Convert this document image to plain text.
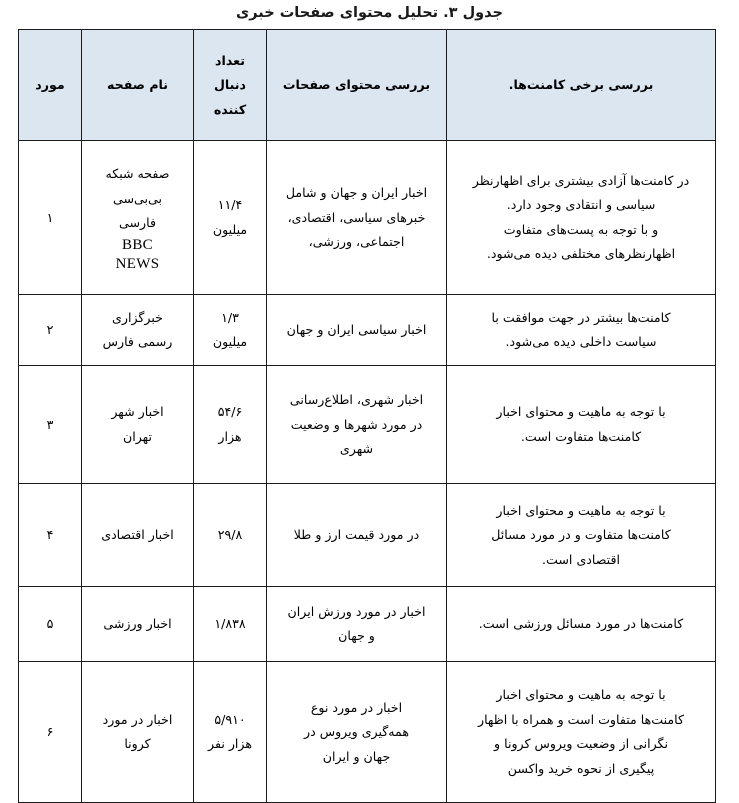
جدول ۳. تحلیل محتوای صفحات خبری
بررسی برخی کامنت‌ها.	بررسی محتوای صفحات	تعداد دنبال کننده	نام صفحه	مورد

در کامنت‌ها آزادی بیشتری برای اظهارنظر
سیاسی و انتقادی وجود دارد.
و با توجه به پست‌های متفاوت
اظهارنظرهای مختلفی دیده می‌شود.	اخبار ایران و جهان و شامل
خبرهای سیاسی، اقتصادی،
اجتماعی، ورزشی،	۱۱/۴
میلیون	صفحه شبکه
بی‌بی‌سی
فارسی
BBC
NEWS	۱

کامنت‌ها بیشتر در جهت موافقت با
سیاست داخلی دیده می‌شود.	اخبار سیاسی ایران و جهان	۱/۳
میلیون	خبرگزاری
رسمی فارس	۲

با توجه به ماهیت و محتوای اخبار
کامنت‌ها متفاوت است.	اخبار شهری، اطلاع‌رسانی
در مورد شهرها و وضعیت
شهری	۵۴/۶
هزار	اخبار شهر
تهران	۳

با توجه به ماهیت و محتوای اخبار
کامنت‌ها متفاوت و در مورد مسائل
اقتصادی است.	در مورد قیمت ارز و طلا	۲۹/۸	اخبار اقتصادی	۴

کامنت‌ها در مورد مسائل ورزشی است.	اخبار در مورد ورزش ایران
و جهان	۱/۸۳۸	اخبار ورزشی	۵

با توجه به ماهیت و محتوای اخبار
کامنت‌ها متفاوت است و همراه با اظهار
نگرانی از وضعیت ویروس کرونا و
پیگیری از نحوه خرید واکسن	اخبار در مورد نوع
همه‌گیری ویروس در
جهان و ایران	۵/۹۱۰
هزار نفر	اخبار در مورد
کرونا	۶
